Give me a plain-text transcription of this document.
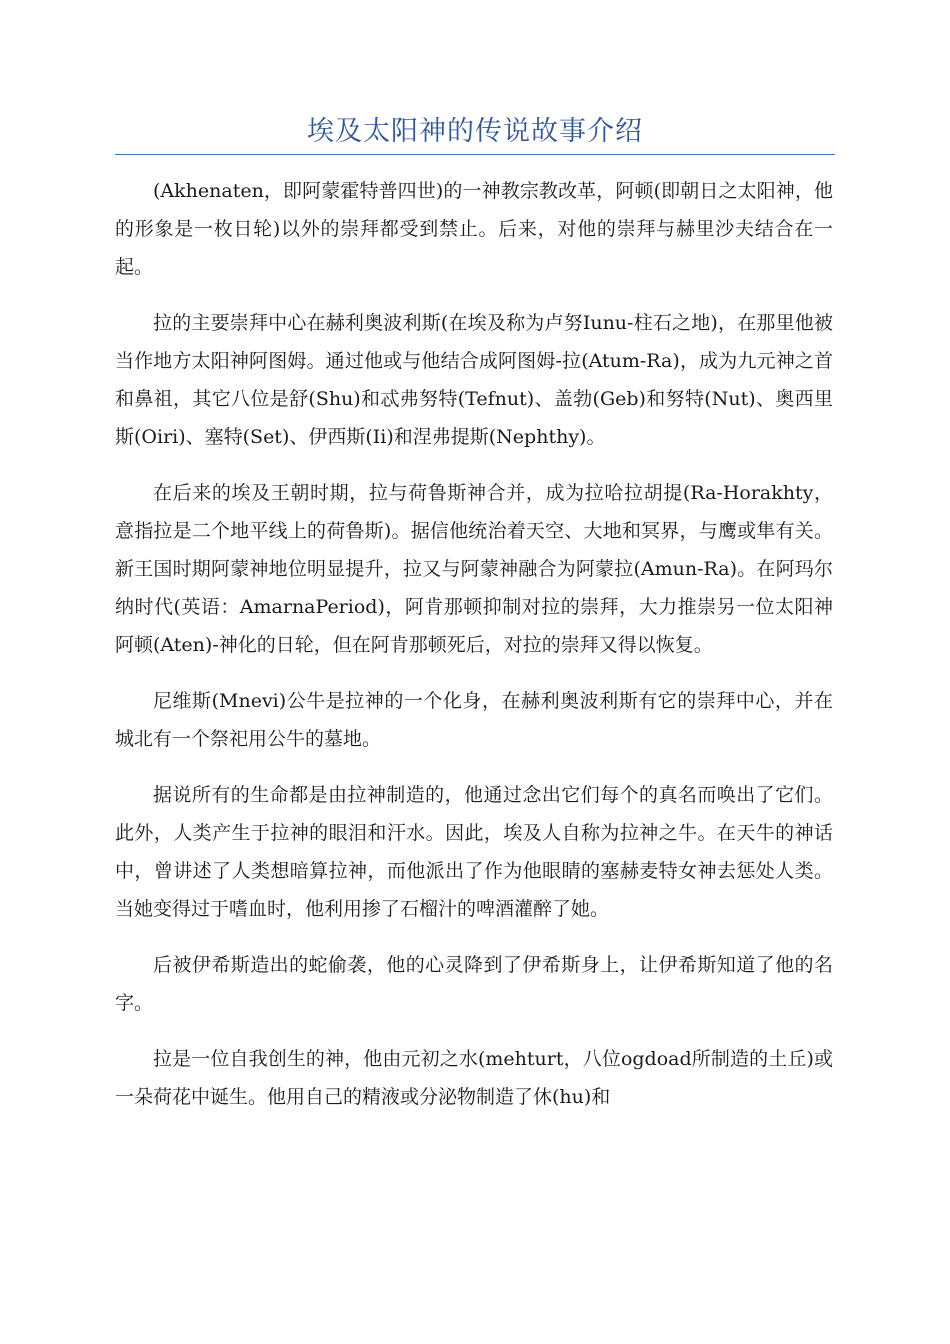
埃及太阳神的传说故事介绍

(Akhenaten，即阿蒙霍特普四世)的一神教宗教改革，阿顿(即朝日之太阳神，他的形象是一枚日轮)以外的崇拜都受到禁止。后来，对他的崇拜与赫里沙夫结合在一起。

拉的主要崇拜中心在赫利奥波利斯(在埃及称为卢努Iunu-柱石之地)，在那里他被当作地方太阳神阿图姆。通过他或与他结合成阿图姆-拉(Atum-Ra)，成为九元神之首和鼻祖，其它八位是舒(Shu)和忒弗努特(Tefnut)、盖勃(Geb)和努特(Nut)、奥西里斯(Oiri)、塞特(Set)、伊西斯(Ii)和涅弗提斯(Nephthy)。

在后来的埃及王朝时期，拉与荷鲁斯神合并，成为拉哈拉胡提(Ra-Horakhty，意指拉是二个地平线上的荷鲁斯)。据信他统治着天空、大地和冥界，与鹰或隼有关。新王国时期阿蒙神地位明显提升，拉又与阿蒙神融合为阿蒙拉(Amun-Ra)。在阿玛尔纳时代(英语：AmarnaPeriod)，阿肯那顿抑制对拉的崇拜，大力推崇另一位太阳神阿顿(Aten)-神化的日轮，但在阿肯那顿死后，对拉的崇拜又得以恢复。

尼维斯(Mnevi)公牛是拉神的一个化身，在赫利奥波利斯有它的崇拜中心，并在城北有一个祭祀用公牛的墓地。

据说所有的生命都是由拉神制造的，他通过念出它们每个的真名而唤出了它们。此外，人类产生于拉神的眼泪和汗水。因此，埃及人自称为拉神之牛。在天牛的神话中，曾讲述了人类想暗算拉神，而他派出了作为他眼睛的塞赫麦特女神去惩处人类。当她变得过于嗜血时，他利用掺了石榴汁的啤酒灌醉了她。

后被伊希斯造出的蛇偷袭，他的心灵降到了伊希斯身上，让伊希斯知道了他的名字。

拉是一位自我创生的神，他由元初之水(mehturt，八位ogdoad所制造的土丘)或一朵荷花中诞生。他用自己的精液或分泌物制造了休(hu)和
